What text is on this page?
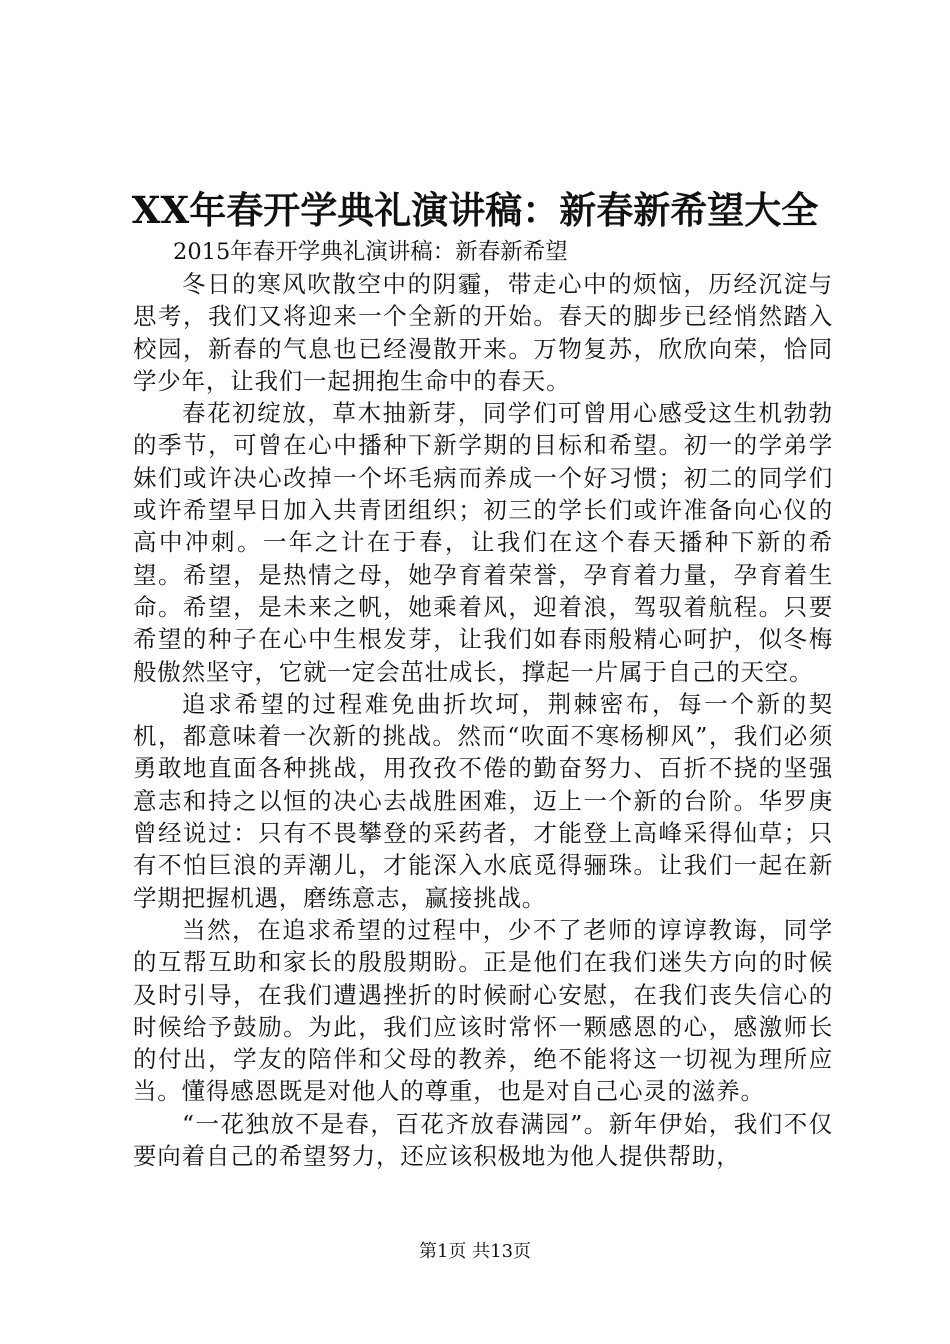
XX年春开学典礼演讲稿：新春新希望大全

2015年春开学典礼演讲稿：新春新希望

冬日的寒风吹散空中的阴霾，带走心中的烦恼，历经沉淀与思考，我们又将迎来一个全新的开始。春天的脚步已经悄然踏入校园，新春的气息也已经漫散开来。万物复苏，欣欣向荣，恰同学少年，让我们一起拥抱生命中的春天。

春花初绽放，草木抽新芽，同学们可曾用心感受这生机勃勃的季节，可曾在心中播种下新学期的目标和希望。初一的学弟学妹们或许决心改掉一个坏毛病而养成一个好习惯；初二的同学们或许希望早日加入共青团组织；初三的学长们或许准备向心仪的高中冲刺。一年之计在于春，让我们在这个春天播种下新的希望。希望，是热情之母，她孕育着荣誉，孕育着力量，孕育着生命。希望，是未来之帆，她乘着风，迎着浪，驾驭着航程。只要希望的种子在心中生根发芽，让我们如春雨般精心呵护，似冬梅般傲然坚守，它就一定会茁壮成长，撑起一片属于自己的天空。

追求希望的过程难免曲折坎坷，荆棘密布，每一个新的契机，都意味着一次新的挑战。然而“吹面不寒杨柳风”，我们必须勇敢地直面各种挑战，用孜孜不倦的勤奋努力、百折不挠的坚强意志和持之以恒的决心去战胜困难，迈上一个新的台阶。华罗庚曾经说过：只有不畏攀登的采药者，才能登上高峰采得仙草；只有不怕巨浪的弄潮儿，才能深入水底觅得骊珠。让我们一起在新学期把握机遇，磨练意志，赢接挑战。

当然，在追求希望的过程中，少不了老师的谆谆教诲，同学的互帮互助和家长的殷殷期盼。正是他们在我们迷失方向的时候及时引导，在我们遭遇挫折的时候耐心安慰，在我们丧失信心的时候给予鼓励。为此，我们应该时常怀一颗感恩的心，感激师长的付出，学友的陪伴和父母的教养，绝不能将这一切视为理所应当。懂得感恩既是对他人的尊重，也是对自己心灵的滋养。

“一花独放不是春，百花齐放春满园”。新年伊始，我们不仅要向着自己的希望努力，还应该积极地为他人提供帮助，

第1页 共13页
